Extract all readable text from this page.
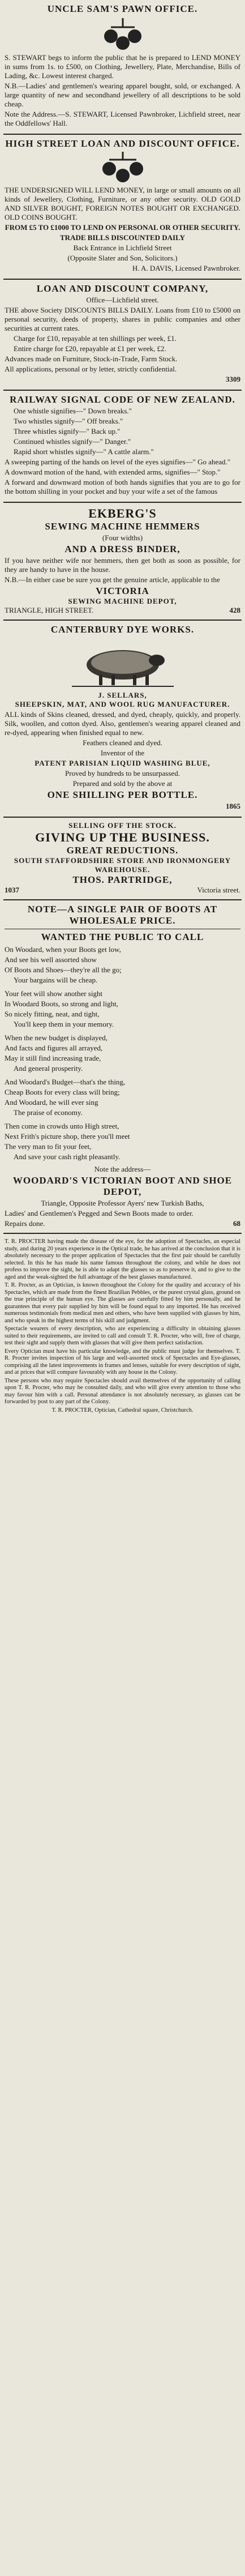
UNCLE SAM'S PAWN OFFICE.

S. STEWART begs to inform the public that he is prepared to LEND MONEY in sums from 1s. to £500, on Clothing, Jewellery, Plate, Merchandise, Bills of Lading, &c. Lowest interest charged.

N.B.—Ladies' and gentlemen's wearing apparel bought, sold, or exchanged. A large quantity of new and secondhand jewellery of all descriptions to be sold cheap.

Note the Address.—S. STEWART, Licensed Pawnbroker, Lichfield street, near the Oddfellows' Hall.

HIGH STREET LOAN AND DISCOUNT OFFICE.

THE UNDERSIGNED WILL LEND MONEY, in large or small amounts on all kinds of Jewellery, Clothing, Furniture, or any other security. OLD GOLD AND SILVER BOUGHT, FOREIGN NOTES BOUGHT OR EXCHANGED. OLD COINS BOUGHT.

FROM £5 TO £1000 TO LEND ON PERSONAL OR OTHER SECURITY.

TRADE BILLS DISCOUNTED DAILY

Back Entrance in Lichfield Street

(Opposite Slater and Son, Solicitors.)

H. A. DAVIS, Licensed Pawnbroker.

LOAN AND DISCOUNT COMPANY,

Office—Lichfield street.

THE above Society DISCOUNTS BILLS DAILY. Loans from £10 to £5000 on personal security, deeds of property, shares in public companies and other securities at current rates.

Charge for £10, repayable at ten shillings per week, £1.

Entire charge for £20, repayable at £1 per week, £2.

Advances made on Furniture, Stock-in-Trade, Farm Stock.

All applications, personal or by letter, strictly confidential.

3309

RAILWAY SIGNAL CODE OF NEW ZEALAND.

One whistle signifies—" Down breaks."

Two whistles signify—" Off breaks."

Three whistles signify—" Back up."

Continued whistles signify—" Danger."

Rapid short whistles signify—" A cattle alarm."

A sweeping parting of the hands on level of the eyes signifies—" Go ahead."

A downward motion of the hand, with extended arms, signifies—" Stop."

A forward and downward motion of both hands signifies that you are to go for the bottom shilling in your pocket and buy your wife a set of the famous

EKBERG'S
SEWING MACHINE HEMMERS

(Four widths)

AND A DRESS BINDER,

If you have neither wife nor hemmers, then get both as soon as possible, for they are handy to have in the house.

N.B.—In either case be sure you get the genuine article, applicable to the

VICTORIA
SEWING MACHINE DEPOT,
TRIANGLE, HIGH STREET.	428
CANTERBURY DYE WORKS.
J. SELLARS,
SHEEPSKIN, MAT, AND WOOL RUG MANUFACTURER.

ALL kinds of Skins cleaned, dressed, and dyed, cheaply, quickly, and properly. Silk, woollen, and cotton dyed. Also, gentlemen's wearing apparel cleaned and re-dyed, appearing when finished equal to new.

Feathers cleaned and dyed.

Inventor of the

PATENT PARISIAN LIQUID WASHING BLUE,

Proved by hundreds to be unsurpassed.

Prepared and sold by the above at

ONE SHILLING PER BOTTLE.

1865

SELLING OFF THE STOCK.
GIVING UP THE BUSINESS.
GREAT REDUCTIONS.
SOUTH STAFFORDSHIRE STORE AND IRONMONGERY WAREHOUSE.
THOS. PARTRIDGE,
1037	Victoria street.
NOTE—A SINGLE PAIR OF BOOTS AT WHOLESALE PRICE.
WANTED THE PUBLIC TO CALL

On Woodard, when your Boots get low,

And see his well assorted show

Of Boots and Shoes—they're all the go;

Your bargains will be cheap.

Your feet will show another sight

In Woodard Boots, so strong and light,

So nicely fitting, neat, and tight,

You'll keep them in your memory.

When the new budget is displayed,

And facts and figures all arrayed,

May it still find increasing trade,

And general prosperity.

And Woodard's Budget—that's the thing,

Cheap Boots for every class will bring;

And Woodard, he will ever sing

The praise of economy.

Then come in crowds unto High street,

Next Frith's picture shop, there you'll meet

The very man to fit your feet,

And save your cash right pleasantly.

Note the address—

WOODARD'S VICTORIAN BOOT AND SHOE DEPOT,

Triangle, Opposite Professor Ayers' new Turkish Baths,

Ladies' and Gentlemen's Pegged and Sewn Boots made to order.

Repairs done.	68

T. R. PROCTER having made the disease of the eye, for the adoption of Spectacles, an especial study, and during 20 years experience in the Optical trade, he has arrived at the conclusion that it is absolutely necessary to the proper application of Spectacles that the first pair should be carefully selected. In this he has made his name famous throughout the colony, and while he does not profess to improve the sight, he is able to adapt the glasses so as to preserve it, and to give to the aged and the weak-sighted the full advantage of the best glasses manufactured.

T. R. Procter, as an Optician, is known throughout the Colony for the quality and accuracy of his Spectacles, which are made from the finest Brazilian Pebbles, or the purest crystal glass, ground on the true principle of the human eye. The glasses are carefully fitted by him personally, and he guarantees that every pair supplied by him will be found equal to any imported. He has received numerous testimonials from medical men and others, who have been supplied with glasses by him, and who speak in the highest terms of his skill and judgment.

Spectacle wearers of every description, who are experiencing a difficulty in obtaining glasses suited to their requirements, are invited to call and consult T. R. Procter, who will, free of charge, test their sight and supply them with glasses that will give them perfect satisfaction.

Every Optician must have his particular knowledge, and the public must judge for themselves. T. R. Procter invites inspection of his large and well-assorted stock of Spectacles and Eye-glasses, comprising all the latest improvements in frames and lenses, suitable for every description of sight, and at prices that will compare favourably with any house in the Colony.

These persons who may require Spectacles should avail themselves of the opportunity of calling upon T. R. Procter, who may be consulted daily, and who will give every attention to those who may favour him with a call. Personal attendance is not absolutely necessary, as glasses can be forwarded by post to any part of the Colony.

T. R. PROCTER, Optician, Cathedral square, Christchurch.
